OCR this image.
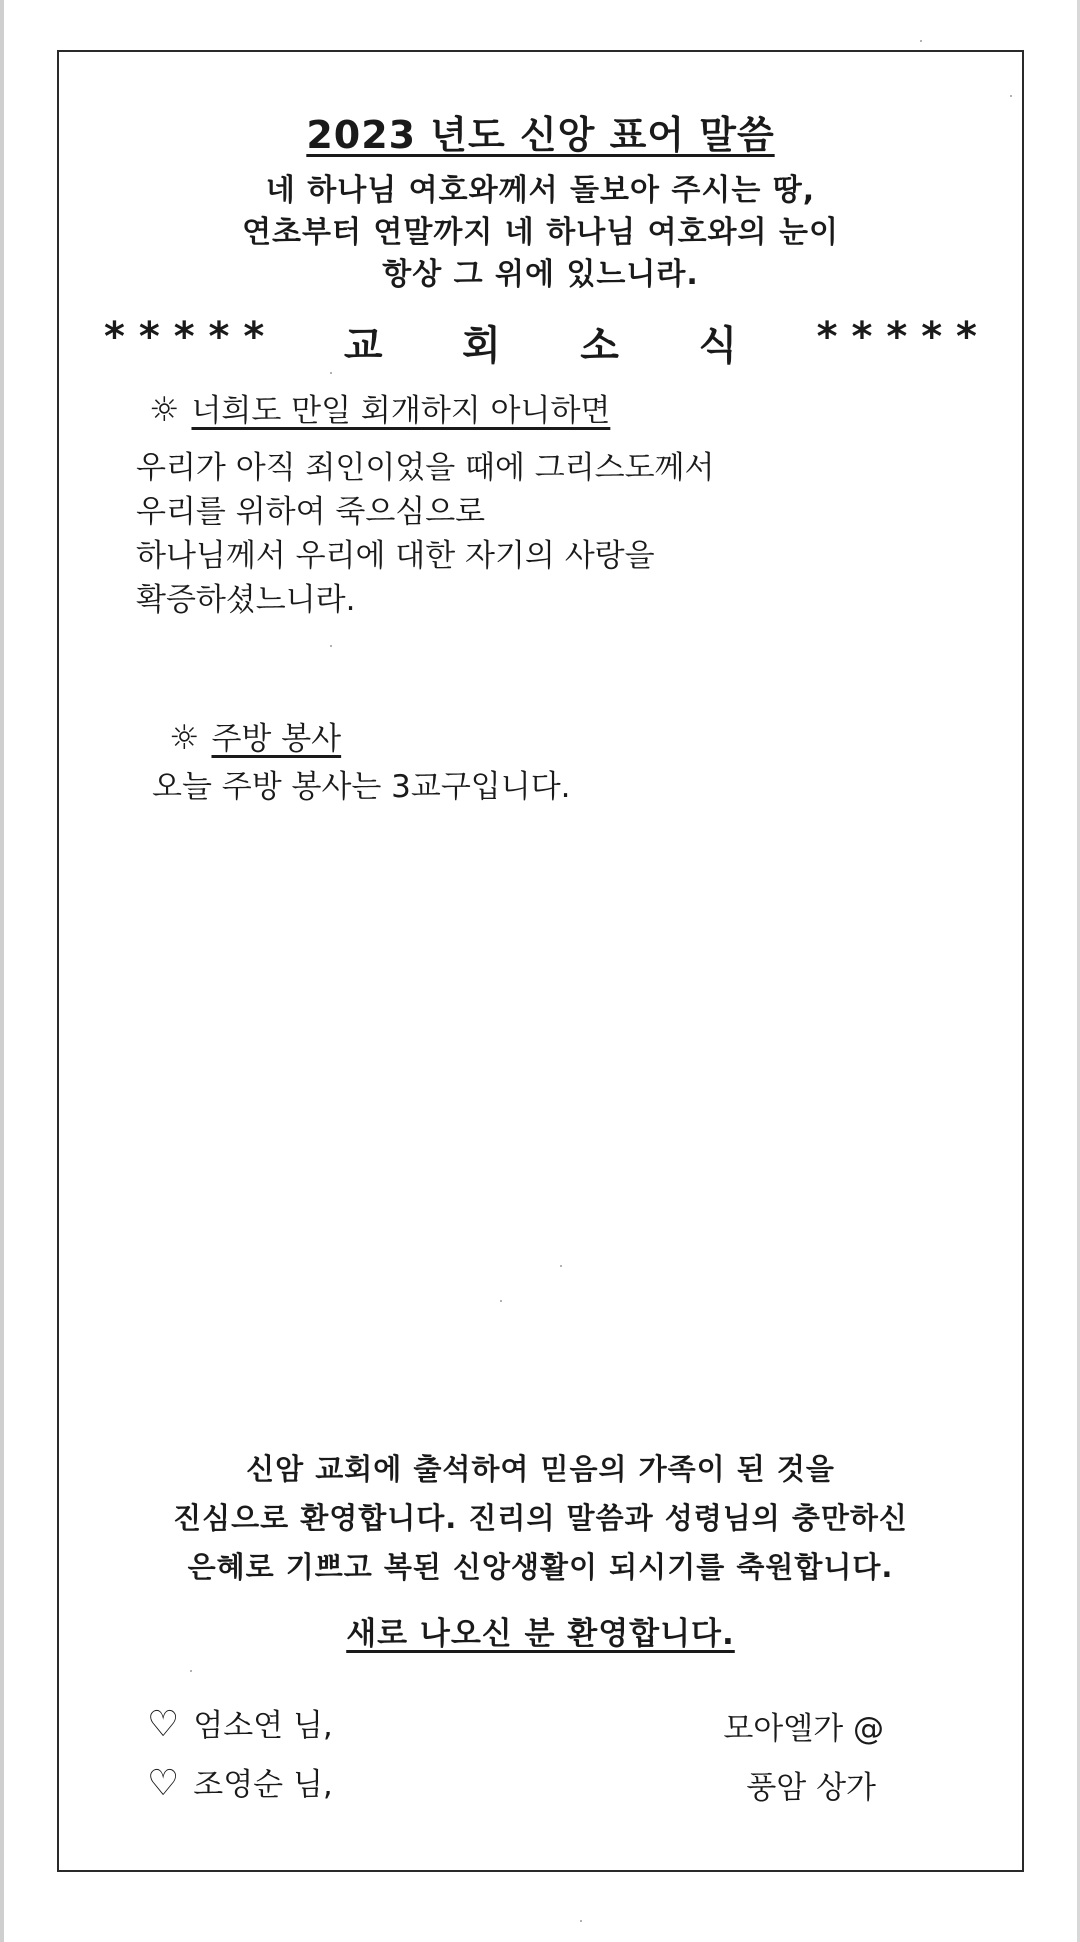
2023 년도 신앙 표어 말씀
네 하나님 여호와께서 돌보아 주시는 땅,
연초부터 연말까지 네 하나님 여호와의 눈이
항상 그 위에 있느니라.
* * * * * 교 회 소 식 * * * * *
☼ 너희도 만일 회개하지 아니하면
우리가 아직 죄인이었을 때에 그리스도께서
우리를 위하여 죽으심으로
하나님께서 우리에 대한 자기의 사랑을
확증하셨느니라.
☼ 주방 봉사
오늘 주방 봉사는 3교구입니다.
신암 교회에 출석하여 믿음의 가족이 된 것을
진심으로 환영합니다. 진리의 말씀과 성령님의 충만하신
은혜로 기쁘고 복된 신앙생활이 되시기를 축원합니다.
새로 나오신 분 환영합니다.
♡ 엄소연 님,	모아엘가 @
♡ 조영순 님,	풍암 상가
